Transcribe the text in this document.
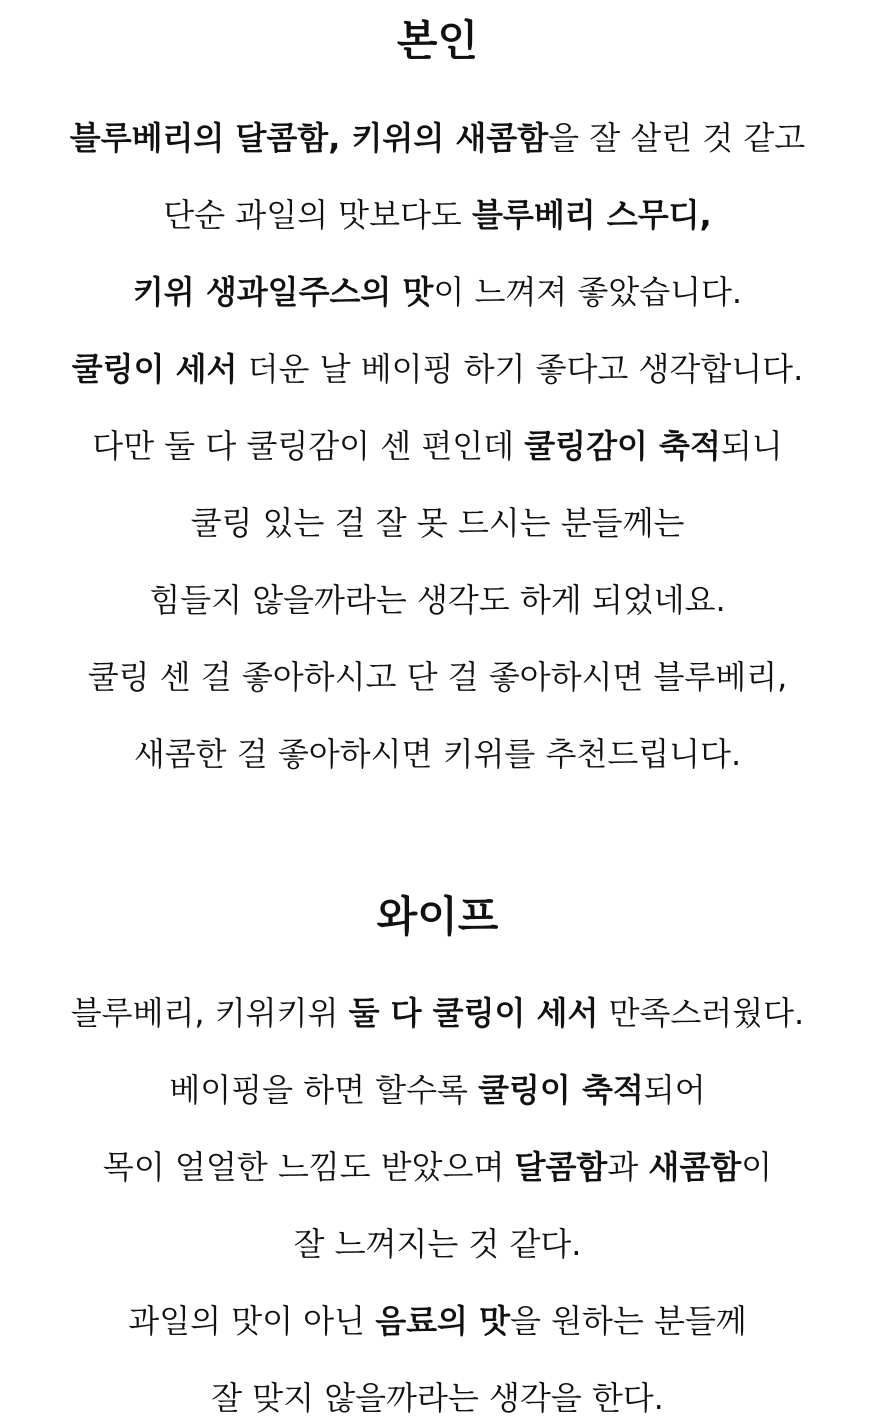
본인

블루베리의 달콤함, 키위의 새콤함을 잘 살린 것 같고

단순 과일의 맛보다도 블루베리 스무디,

키위 생과일주스의 맛이 느껴져 좋았습니다.

쿨링이 세서 더운 날 베이핑 하기 좋다고 생각합니다.

다만 둘 다 쿨링감이 센 편인데 쿨링감이 축적되니

쿨링 있는 걸 잘 못 드시는 분들께는

힘들지 않을까라는 생각도 하게 되었네요.

쿨링 센 걸 좋아하시고 단 걸 좋아하시면 블루베리,

새콤한 걸 좋아하시면 키위를 추천드립니다.

와이프

블루베리, 키위키위 둘 다 쿨링이 세서 만족스러웠다.

베이핑을 하면 할수록 쿨링이 축적되어

목이 얼얼한 느낌도 받았으며 달콤함과 새콤함이

잘 느껴지는 것 같다.

과일의 맛이 아닌 음료의 맛을 원하는 분들께

잘 맞지 않을까라는 생각을 한다.
